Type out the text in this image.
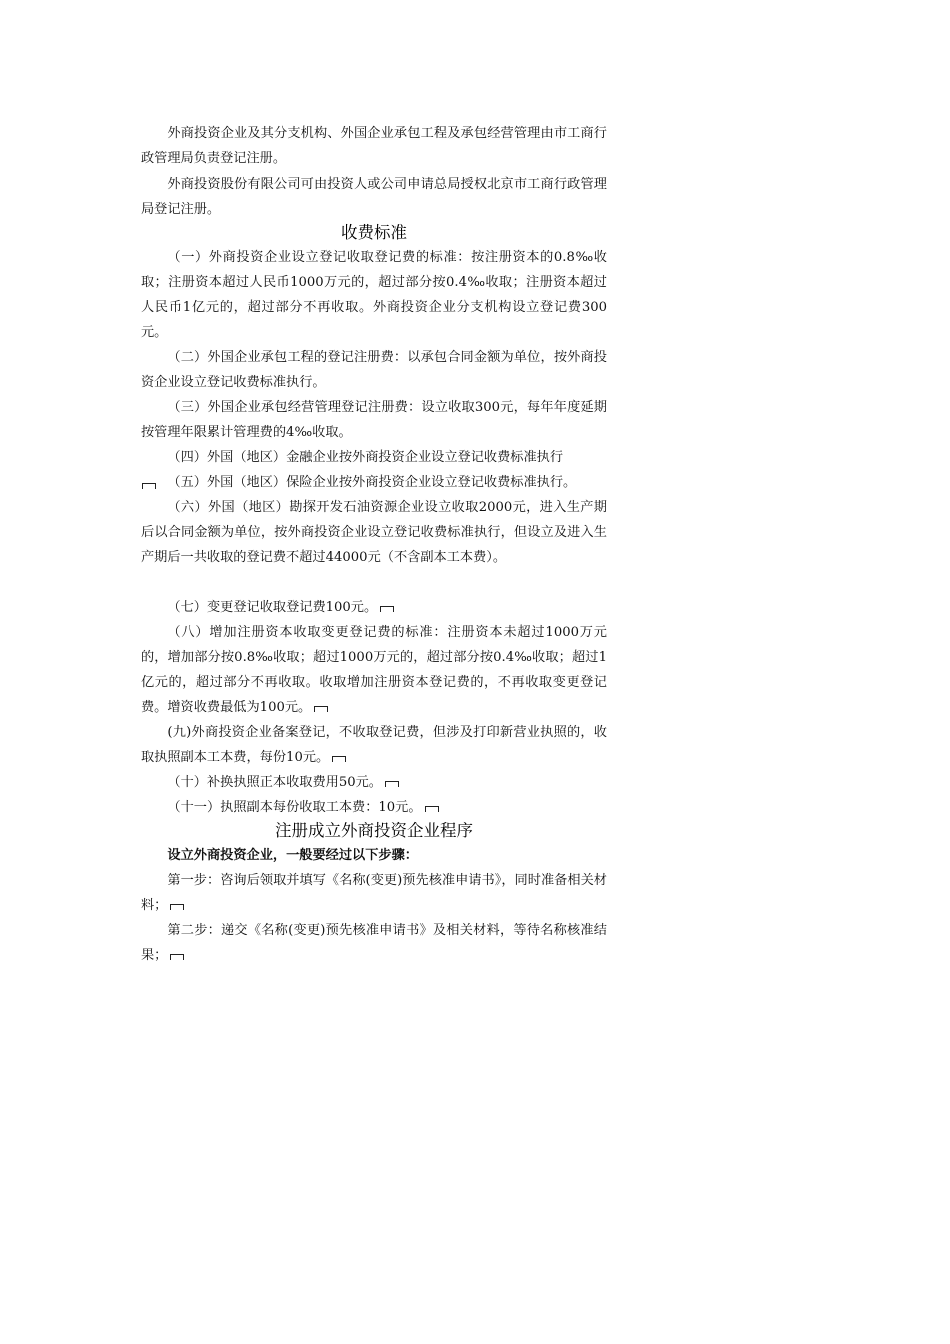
外商投资企业及其分支机构、外国企业承包工程及承包经营管理由市工商行政管理局负责登记注册。

外商投资股份有限公司可由投资人或公司申请总局授权北京市工商行政管理局登记注册。

收费标准

（一）外商投资企业设立登记收取登记费的标准：按注册资本的0.8‰收取；注册资本超过人民币1000万元的，超过部分按0.4‰收取；注册资本超过人民币1亿元的，超过部分不再收取。外商投资企业分支机构设立登记费300元。

（二）外国企业承包工程的登记注册费：以承包合同金额为单位，按外商投资企业设立登记收费标准执行。

（三）外国企业承包经营管理登记注册费：设立收取300元，每年年度延期按管理年限累计管理费的4‰收取。

（四）外国（地区）金融企业按外商投资企业设立登记收费标准执行

（五）外国（地区）保险企业按外商投资企业设立登记收费标准执行。

（六）外国（地区）勘探开发石油资源企业设立收取2000元，进入生产期后以合同金额为单位，按外商投资企业设立登记收费标准执行，但设立及进入生产期后一共收取的登记费不超过44000元（不含副本工本费）。

（七）变更登记收取登记费100元。

（八）增加注册资本收取变更登记费的标准：注册资本未超过1000万元的，增加部分按0.8‰收取；超过1000万元的，超过部分按0.4‰收取；超过1亿元的，超过部分不再收取。收取增加注册资本登记费的，不再收取变更登记费。增资收费最低为100元。

(九)外商投资企业备案登记，不收取登记费，但涉及打印新营业执照的，收取执照副本工本费，每份10元。

（十）补换执照正本收取费用50元。

（十一）执照副本每份收取工本费：10元。

注册成立外商投资企业程序

设立外商投资企业，一般要经过以下步骤：

第一步：咨询后领取并填写《名称(变更)预先核准申请书》，同时准备相关材料；

第二步：递交《名称(变更)预先核准申请书》及相关材料，等待名称核准结果；
